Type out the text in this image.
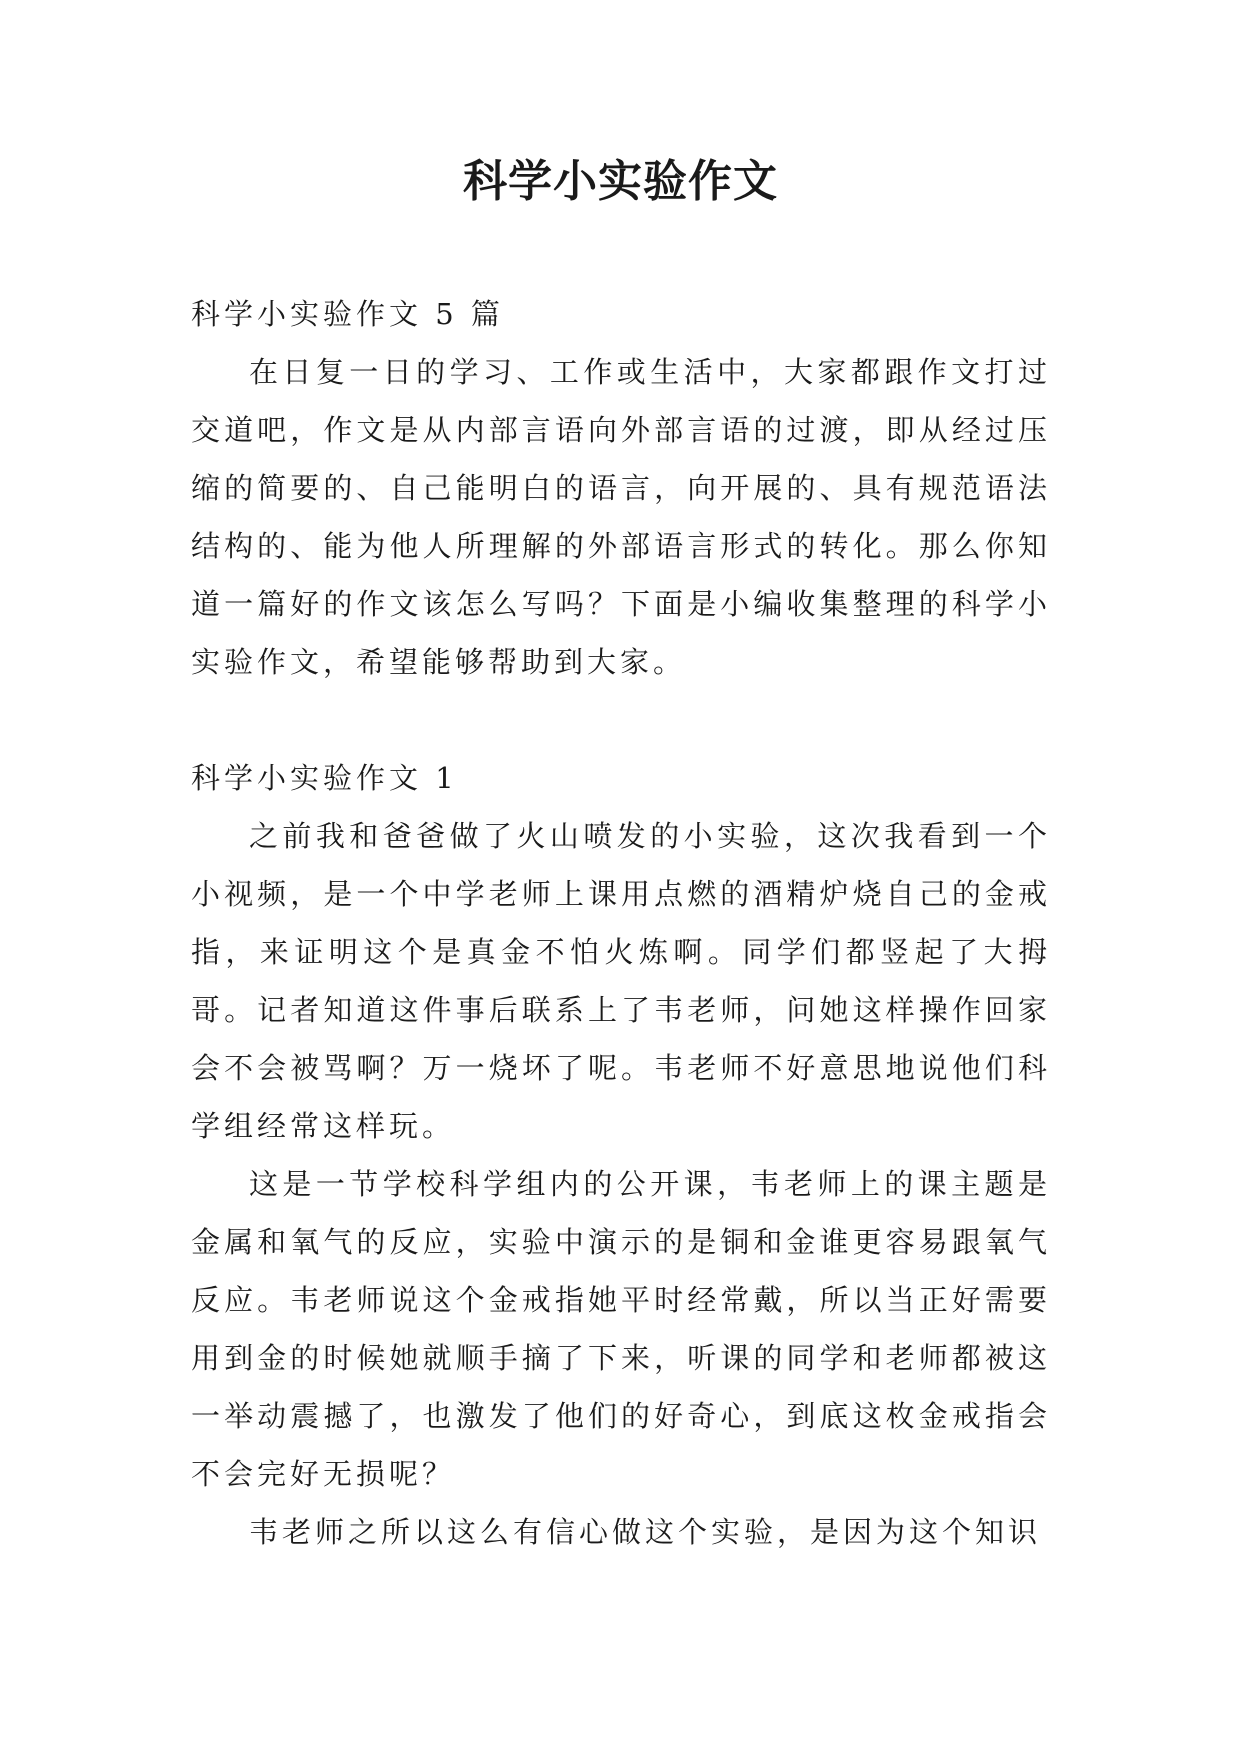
科学小实验作文

科学小实验作文 5 篇

在日复一日的学习、工作或生活中，大家都跟作文打过交道吧，作文是从内部言语向外部言语的过渡，即从经过压缩的简要的、自己能明白的语言，向开展的、具有规范语法结构的、能为他人所理解的外部语言形式的转化。那么你知道一篇好的作文该怎么写吗？下面是小编收集整理的科学小实验作文，希望能够帮助到大家。

科学小实验作文 1

之前我和爸爸做了火山喷发的小实验，这次我看到一个小视频，是一个中学老师上课用点燃的酒精炉烧自己的金戒指，来证明这个是真金不怕火炼啊。同学们都竖起了大拇哥。记者知道这件事后联系上了韦老师，问她这样操作回家会不会被骂啊？万一烧坏了呢。韦老师不好意思地说他们科学组经常这样玩。

这是一节学校科学组内的公开课，韦老师上的课主题是金属和氧气的反应，实验中演示的是铜和金谁更容易跟氧气反应。韦老师说这个金戒指她平时经常戴，所以当正好需要用到金的时候她就顺手摘了下来，听课的同学和老师都被这一举动震撼了，也激发了他们的好奇心，到底这枚金戒指会不会完好无损呢？

韦老师之所以这么有信心做这个实验，是因为这个知识
